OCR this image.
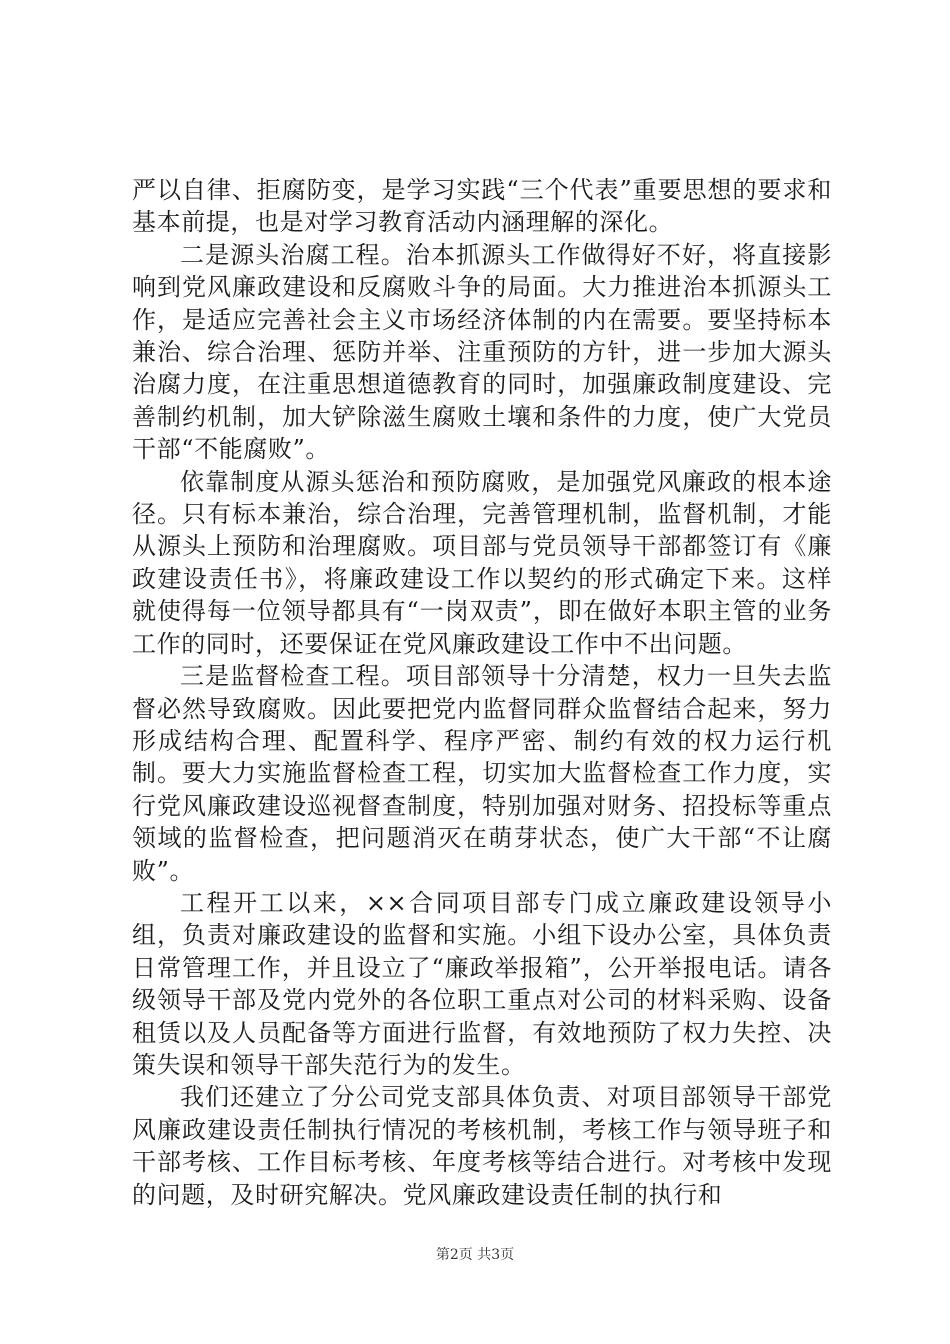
严以自律、拒腐防变，是学习实践“三个代表”重要思想的要求和基本前提，也是对学习教育活动内涵理解的深化。

二是源头治腐工程。治本抓源头工作做得好不好，将直接影响到党风廉政建设和反腐败斗争的局面。大力推进治本抓源头工作，是适应完善社会主义市场经济体制的内在需要。要坚持标本兼治、综合治理、惩防并举、注重预防的方针，进一步加大源头治腐力度，在注重思想道德教育的同时，加强廉政制度建设、完善制约机制，加大铲除滋生腐败土壤和条件的力度，使广大党员干部“不能腐败”。

依靠制度从源头惩治和预防腐败，是加强党风廉政的根本途径。只有标本兼治，综合治理，完善管理机制，监督机制，才能从源头上预防和治理腐败。项目部与党员领导干部都签订有《廉政建设责任书》，将廉政建设工作以契约的形式确定下来。这样就使得每一位领导都具有“一岗双责”，即在做好本职主管的业务工作的同时，还要保证在党风廉政建设工作中不出问题。

三是监督检查工程。项目部领导十分清楚，权力一旦失去监督必然导致腐败。因此要把党内监督同群众监督结合起来，努力形成结构合理、配置科学、程序严密、制约有效的权力运行机制。要大力实施监督检查工程，切实加大监督检查工作力度，实行党风廉政建设巡视督查制度，特别加强对财务、招投标等重点领域的监督检查，把问题消灭在萌芽状态，使广大干部“不让腐败”。

工程开工以来，××合同项目部专门成立廉政建设领导小组，负责对廉政建设的监督和实施。小组下设办公室，具体负责日常管理工作，并且设立了“廉政举报箱”，公开举报电话。请各级领导干部及党内党外的各位职工重点对公司的材料采购、设备租赁以及人员配备等方面进行监督，有效地预防了权力失控、决策失误和领导干部失范行为的发生。

我们还建立了分公司党支部具体负责、对项目部领导干部党风廉政建设责任制执行情况的考核机制，考核工作与领导班子和干部考核、工作目标考核、年度考核等结合进行。对考核中发现的问题，及时研究解决。党风廉政建设责任制的执行和

第2页 共3页
